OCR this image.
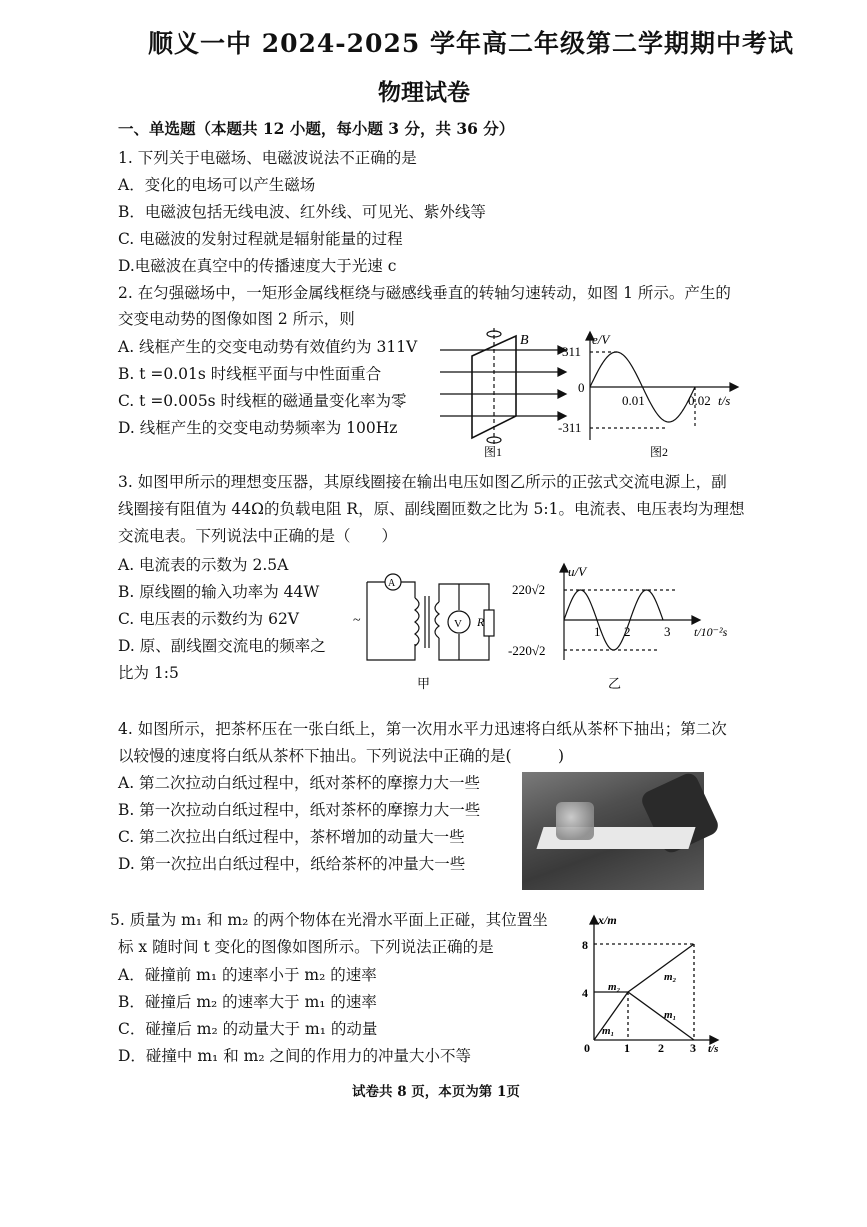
顺义一中 2024-2025 学年高二年级第二学期期中考试
物理试卷
一、单选题（本题共 12 小题，每小题 3 分，共 36 分）
1. 下列关于电磁场、电磁波说法不正确的是
A．变化的电场可以产生磁场
B．电磁波包括无线电波、红外线、可见光、紫外线等
C. 电磁波的发射过程就是辐射能量的过程
D.电磁波在真空中的传播速度大于光速 c
2. 在匀强磁场中，一矩形金属线框绕与磁感线垂直的转轴匀速转动，如图 1 所示。产生的
交变电动势的图像如图 2 所示，则
A. 线框产生的交变电动势有效值约为 311V
B. t =0.01s 时线框平面与中性面重合
C. t =0.005s 时线框的磁通量变化率为零
D. 线框产生的交变电动势频率为 100Hz
B
图1
e/V
311
0
0.01	0.02 t/s
-311
图2
3. 如图甲所示的理想变压器，其原线圈接在输出电压如图乙所示的正弦式交流电源上，副
线圈接有阻值为 44Ω的负载电阻 R，原、副线圈匝数之比为 5:1。电流表、电压表均为理想
交流电表。下列说法中正确的是（　　）
A. 电流表的示数为 2.5A
B. 原线圈的输入功率为 44W
C. 电压表的示数约为 62V
D. 原、副线圈交流电的频率之
比为 1:5
~
A
V R
甲
u/V
220√2
-220√2
1 2	3 t/10⁻²s
乙
4. 如图所示，把茶杯压在一张白纸上，第一次用水平力迅速将白纸从茶杯下抽出；第二次
以较慢的速度将白纸从茶杯下抽出。下列说法中正确的是(　　　)
A. 第二次拉动白纸过程中，纸对茶杯的摩擦力大一些
B. 第一次拉动白纸过程中，纸对茶杯的摩擦力大一些
C. 第二次拉出白纸过程中，茶杯增加的动量大一些
D. 第一次拉出白纸过程中，纸给茶杯的冲量大一些
5. 质量为 m₁ 和 m₂ 的两个物体在光滑水平面上正碰，其位置坐
标 x 随时间 t 变化的图像如图所示。下列说法正确的是
A．碰撞前 m₁ 的速率小于 m₂ 的速率
B．碰撞后 m₂ 的速率大于 m₁ 的速率
C．碰撞后 m₂ 的动量大于 m₁ 的动量
D．碰撞中 m₁ 和 m₂ 之间的作用力的冲量大小不等
x/m
8
4
0	1 2 3 t/s
m₂
m₁
m₂
m₁
试卷共 8 页，本页为第 1页
